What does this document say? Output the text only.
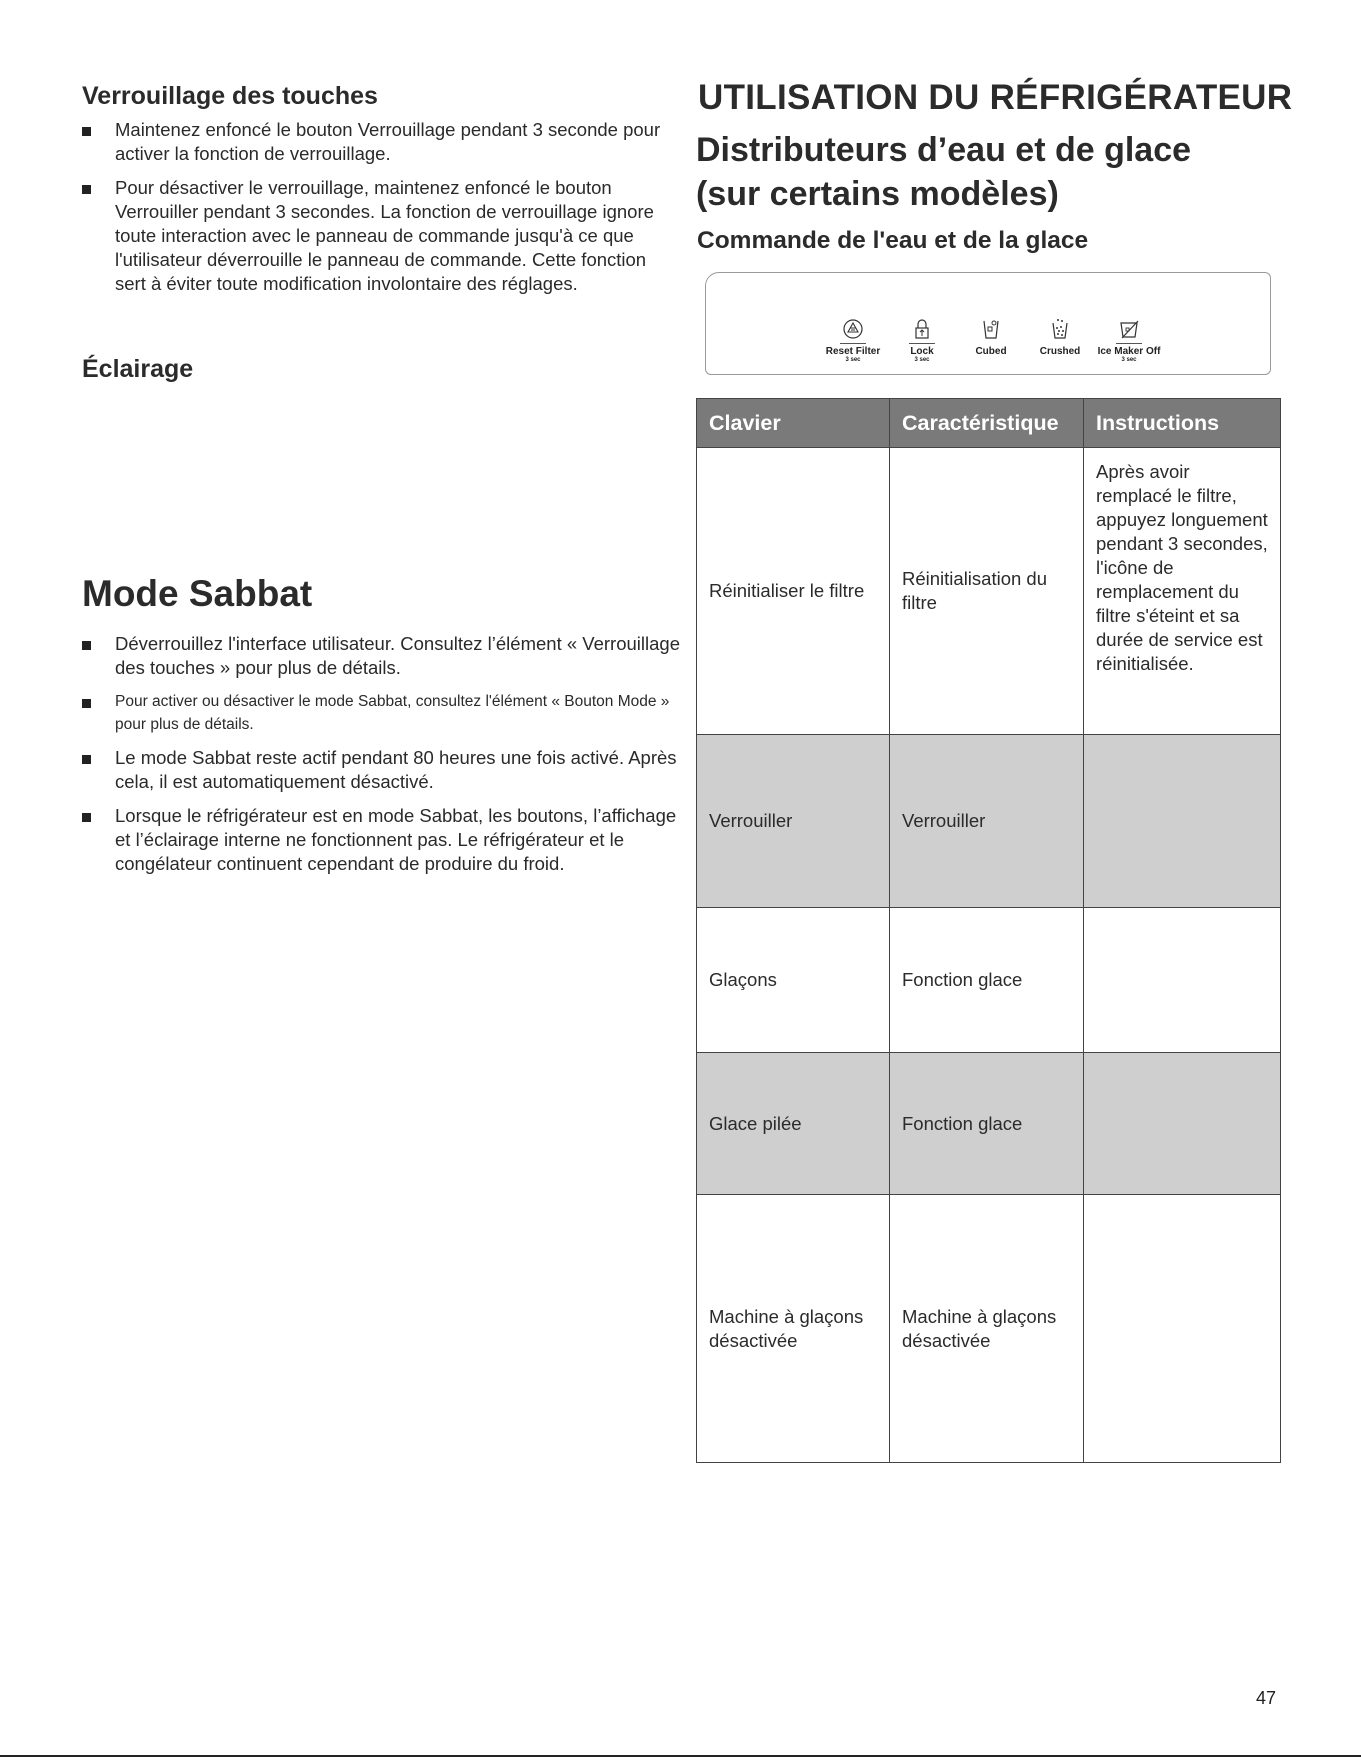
Verrouillage des touches
Maintenez enfoncé le bouton Verrouillage pendant 3 seconde pour activer la fonction de verrouillage.
Pour désactiver le verrouillage, maintenez enfoncé le bouton Verrouiller pendant 3 secondes. La fonction de verrouillage ignore toute interaction avec le panneau de commande jusqu'à ce que l'utilisateur déverrouille le panneau de commande. Cette fonction sert à éviter toute modification involontaire des réglages.
Éclairage
Mode Sabbat
Déverrouillez l'interface utilisateur. Consultez l’élément « Verrouillage des touches » pour plus de détails.
Pour activer ou désactiver le mode Sabbat, consultez l'élément « Bouton Mode » pour plus de détails.
Le mode Sabbat reste actif pendant 80 heures une fois activé. Après cela, il est automatiquement désactivé.
Lorsque le réfrigérateur est en mode Sabbat, les boutons, l’affichage et l’éclairage interne ne fonctionnent pas. Le réfrigérateur et le congélateur continuent cependant de produire du froid.
UTILISATION DU RÉFRIGÉRATEUR
Distributeurs d’eau et de glace
(sur certains modèles)
Commande de l'eau et de la glace
Reset Filter
3 sec
Lock
3 sec
Cubed	Crushed	Ice Maker Off
3 sec
Clavier	Caractéristique	Instructions
Réinitialiser le filtre	Réinitialisation du filtre	Après avoir remplacé le filtre, appuyez longuement pendant 3 secondes, l'icône de remplacement du filtre s'éteint et sa durée de service est réinitialisée.
Verrouiller	Verrouiller	
Glaçons	Fonction glace	
Glace pilée	Fonction glace	
Machine à glaçons désactivée	Machine à glaçons désactivée	
47
